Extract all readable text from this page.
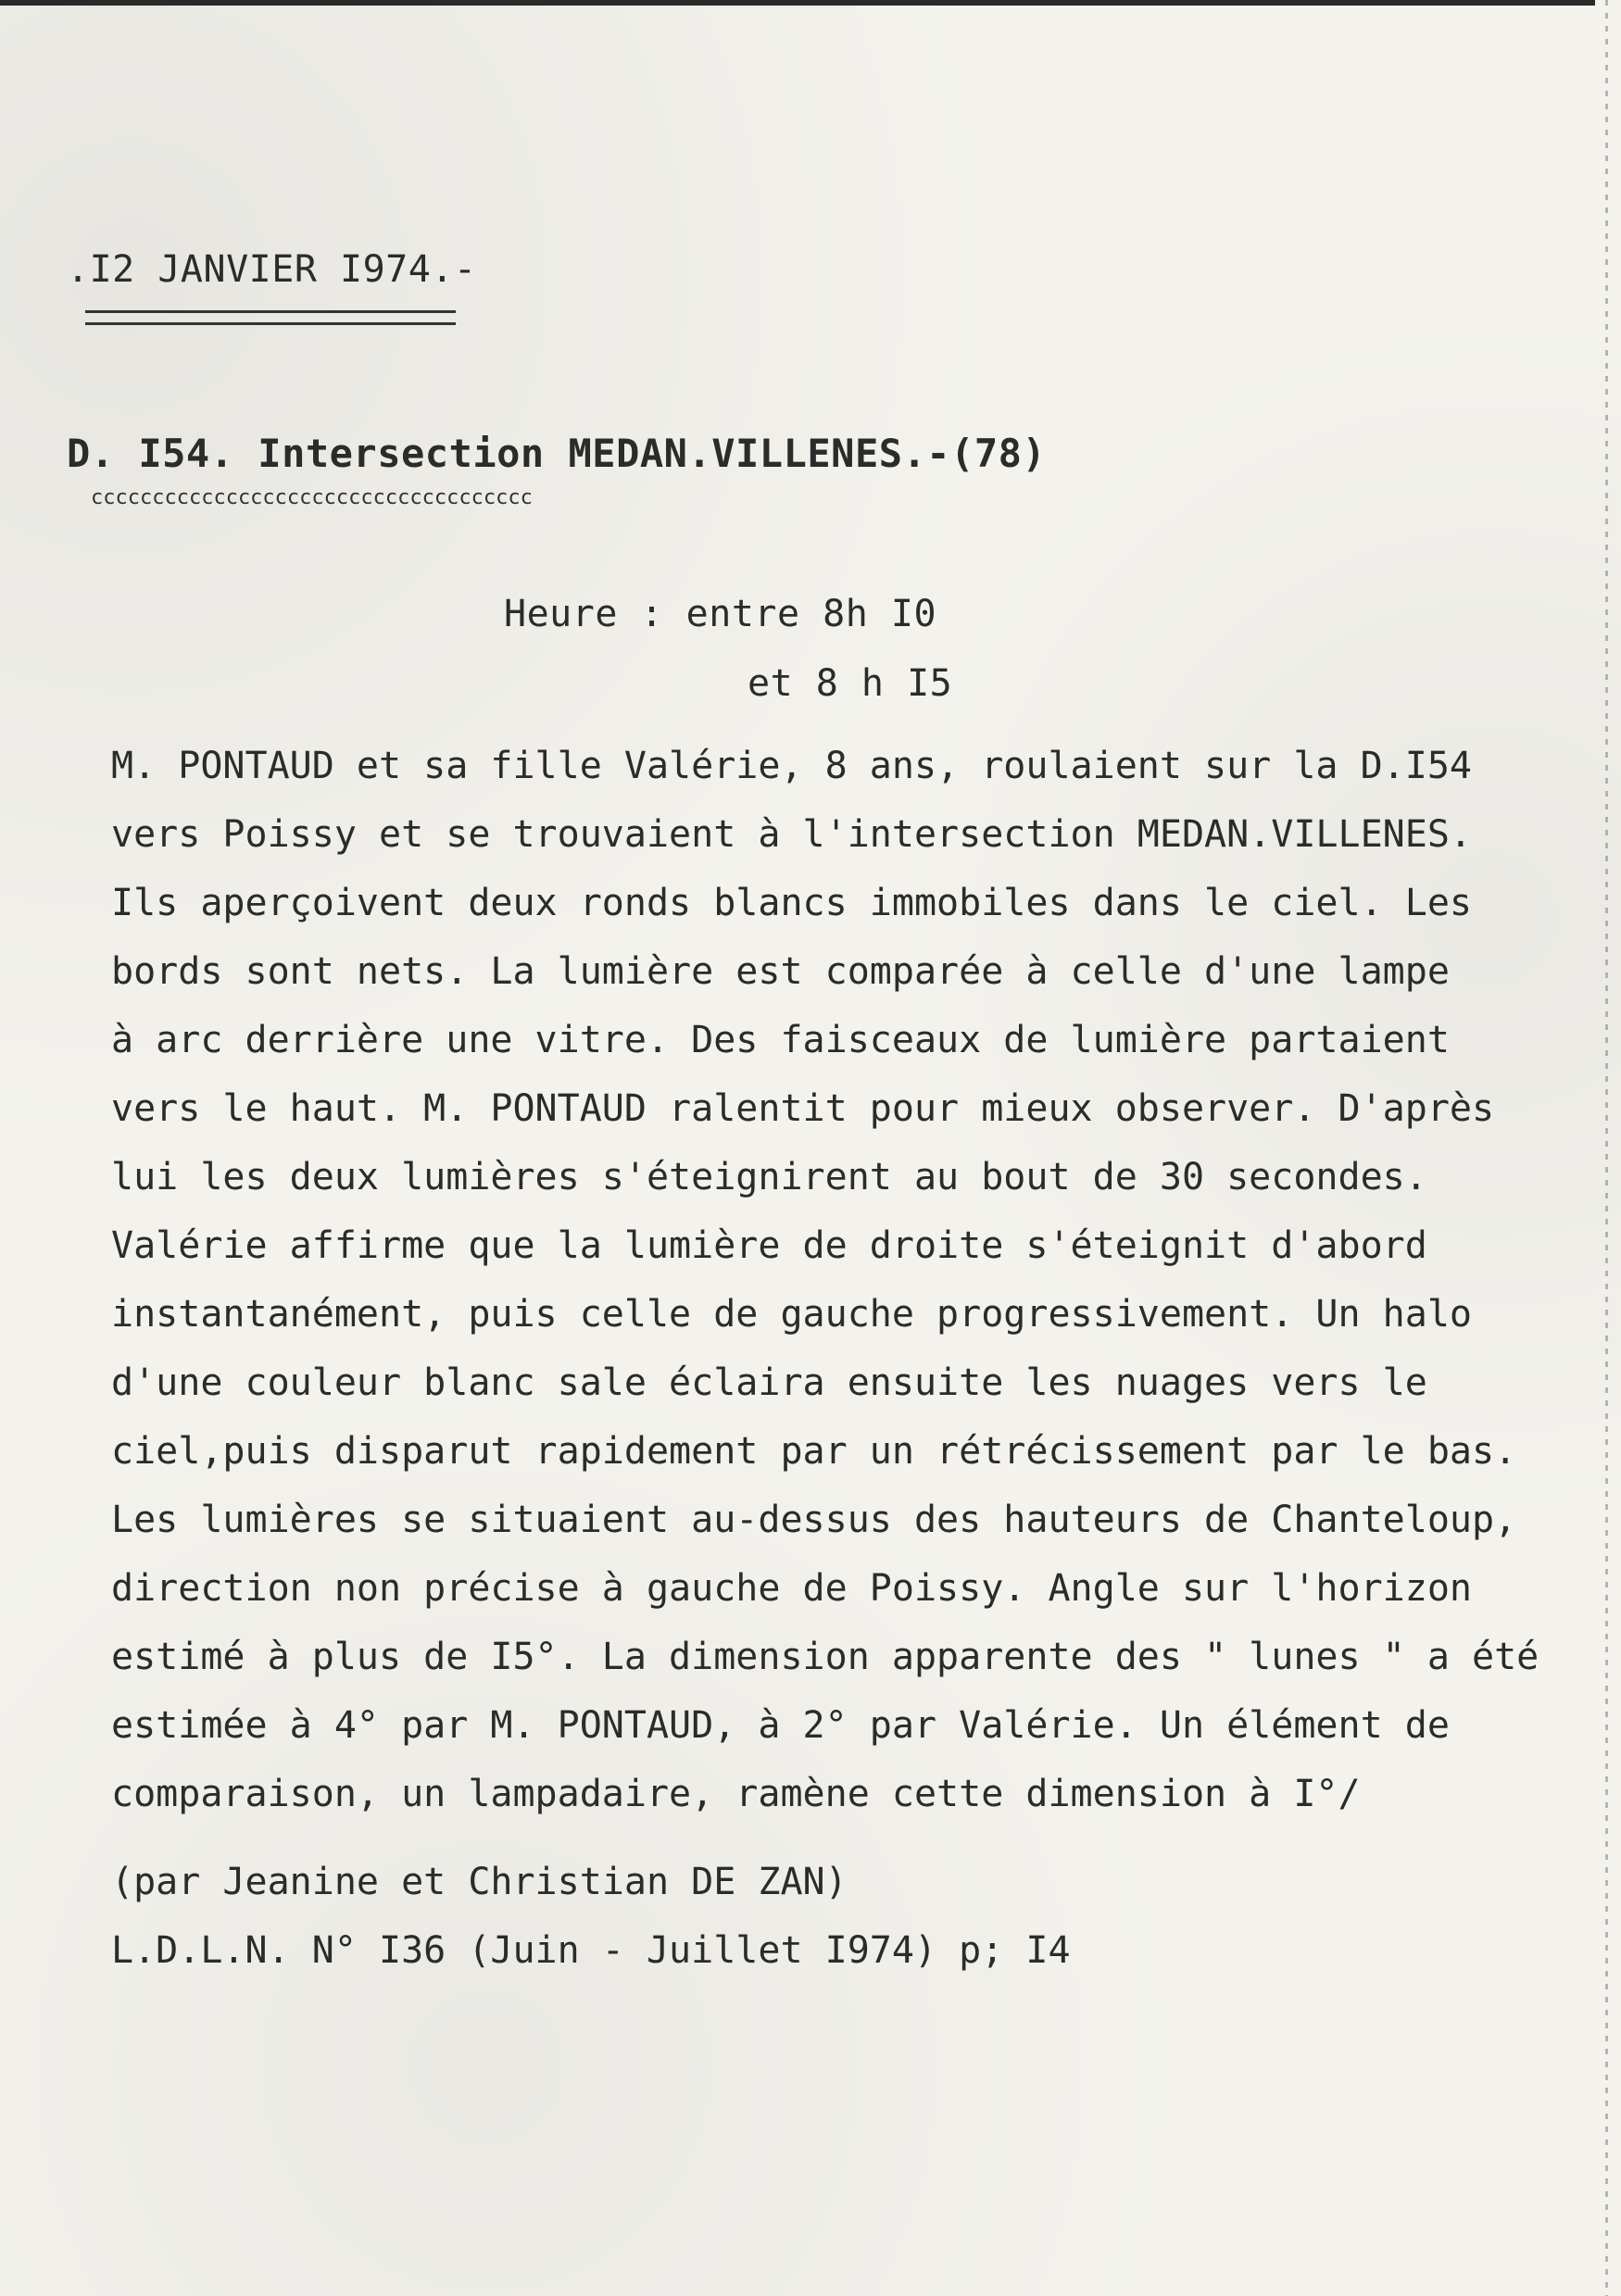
.I2 JANVIER I974.-
D. I54. Intersection MEDAN.VILLENES.-(78)
cccccccccccccccccccccccccccccccccccc
Heure : entre 8h I0
et 8 h I5
M. PONTAUD et sa fille Valérie, 8 ans, roulaient sur la D.I54
vers Poissy et se trouvaient à l'intersection MEDAN.VILLENES.
Ils aperçoivent deux ronds blancs immobiles dans le ciel. Les
bords sont nets. La lumière est comparée à celle d'une lampe
à arc derrière une vitre. Des faisceaux de lumière partaient
vers le haut. M. PONTAUD ralentit pour mieux observer. D'après
lui les deux lumières s'éteignirent au bout de 30 secondes.
Valérie affirme que la lumière de droite s'éteignit d'abord
instantanément, puis celle de gauche progressivement. Un halo
d'une couleur blanc sale éclaira ensuite les nuages vers le
ciel,puis disparut rapidement par un rétrécissement par le bas.
Les lumières se situaient au-dessus des hauteurs de Chanteloup,
direction non précise à gauche de Poissy. Angle sur l'horizon
estimé à plus de I5°. La dimension apparente des " lunes " a été
estimée à 4° par M. PONTAUD, à 2° par Valérie. Un élément de
comparaison, un lampadaire, ramène cette dimension à I°/
(par Jeanine et Christian DE ZAN)
L.D.L.N. N° I36 (Juin - Juillet I974) p; I4
